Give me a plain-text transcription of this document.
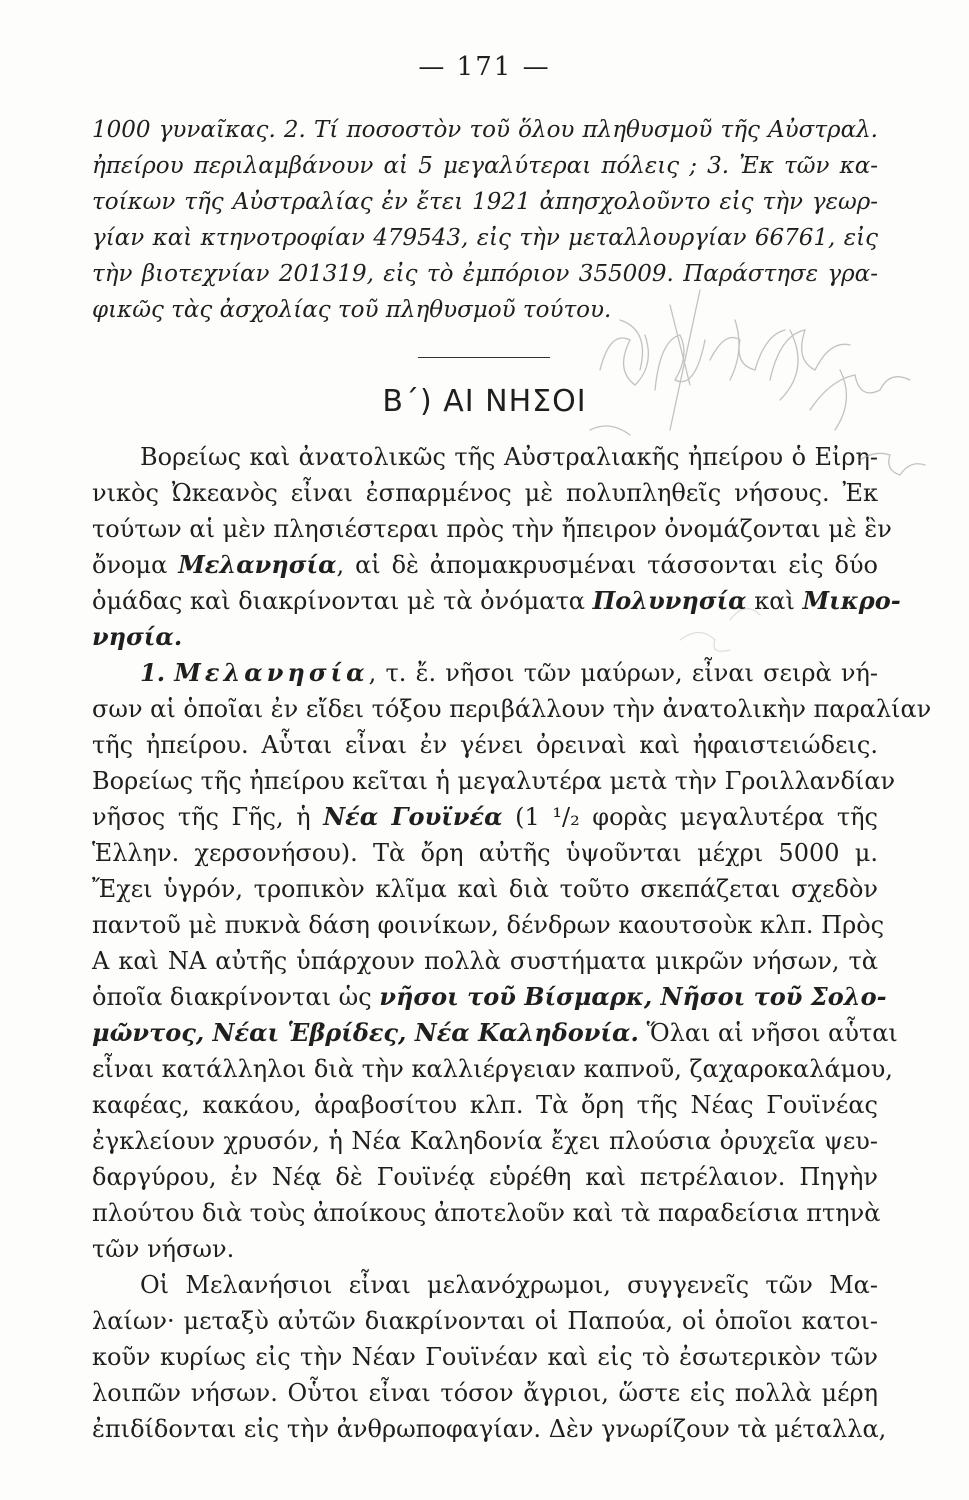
— 171 —
1000 γυναῖκας. 2. Τί ποσοστὸν τοῦ ὅλου πληθυσμοῦ τῆς Αὐστραλ.
ἠπείρου περιλαμβάνουν αἱ 5 μεγαλύτεραι πόλεις ; 3. Ἐκ τῶν κα-
τοίκων τῆς Αὐστραλίας ἐν ἔτει 1921 ἀπησχολοῦντο εἰς τὴν γεωρ-
γίαν καὶ κτηνοτροφίαν 479543, εἰς τὴν μεταλλουργίαν 66761, εἰς
τὴν βιοτεχνίαν 201319, εἰς τὸ ἐμπόριον 355009. Παράστησε γρα-
φικῶς τὰς ἀσχολίας τοῦ πληθυσμοῦ τούτου.
Β΄) ΑΙ ΝΗΣΟΙ
Βορείως καὶ ἀνατολικῶς τῆς Αὐστραλιακῆς ἠπείρου ὁ Εἰρη-
νικὸς Ὠκεανὸς εἶναι ἐσπαρμένος μὲ πολυπληθεῖς νήσους. Ἐκ
τούτων αἱ μὲν πλησιέστεραι πρὸς τὴν ἤπειρον ὀνομάζονται μὲ ἓν
ὄνομα Μελανησία, αἱ δὲ ἀπομακρυσμέναι τάσσονται εἰς δύο
ὁμάδας καὶ διακρίνονται μὲ τὰ ὀνόματα Πολυνησία καὶ Μικρο-
νησία.
1. Μελανησία, τ. ἔ. νῆσοι τῶν μαύρων, εἶναι σειρὰ νή-
σων αἱ ὁποῖαι ἐν εἴδει τόξου περιβάλλουν τὴν ἀνατολικὴν παραλίαν
τῆς ἠπείρου. Αὗται εἶναι ἐν γένει ὀρειναὶ καὶ ἠφαιστειώδεις.
Βορείως τῆς ἠπείρου κεῖται ἡ μεγαλυτέρα μετὰ τὴν Γροιλλανδίαν
νῆσος τῆς Γῆς, ἡ Νέα Γουϊνέα (1 ¹/₂ φορὰς μεγαλυτέρα τῆς
Ἑλλην. χερσονήσου). Τὰ ὄρη αὐτῆς ὑψοῦνται μέχρι 5000 μ.
Ἔχει ὑγρόν, τροπικὸν κλῖμα καὶ διὰ τοῦτο σκεπάζεται σχεδὸν
παντοῦ μὲ πυκνὰ δάση φοινίκων, δένδρων καουτσοὺκ κλπ. Πρὸς
Α καὶ ΝΑ αὐτῆς ὑπάρχουν πολλὰ συστήματα μικρῶν νήσων, τὰ
ὁποῖα διακρίνονται ὡς νῆσοι τοῦ Βίσμαρκ, Νῆσοι τοῦ Σολο-
μῶντος, Νέαι Ἑβρίδες, Νέα Καληδονία. Ὅλαι αἱ νῆσοι αὗται
εἶναι κατάλληλοι διὰ τὴν καλλιέργειαν καπνοῦ, ζαχαροκαλάμου,
καφέας, κακάου, ἀραβοσίτου κλπ. Τὰ ὄρη τῆς Νέας Γουϊνέας
ἐγκλείουν χρυσόν, ἡ Νέα Καληδονία ἔχει πλούσια ὀρυχεῖα ψευ-
δαργύρου, ἐν Νέᾳ δὲ Γουϊνέᾳ εὑρέθη καὶ πετρέλαιον. Πηγὴν
πλούτου διὰ τοὺς ἀποίκους ἀποτελοῦν καὶ τὰ παραδείσια πτηνὰ
τῶν νήσων.
Οἱ Μελανήσιοι εἶναι μελανόχρωμοι, συγγενεῖς τῶν Μα-
λαίων· μεταξὺ αὐτῶν διακρίνονται οἱ Παπούα, οἱ ὁποῖοι κατοι-
κοῦν κυρίως εἰς τὴν Νέαν Γουϊνέαν καὶ εἰς τὸ ἐσωτερικὸν τῶν
λοιπῶν νήσων. Οὗτοι εἶναι τόσον ἄγριοι, ὥστε εἰς πολλὰ μέρη
ἐπιδίδονται εἰς τὴν ἀνθρωποφαγίαν. Δὲν γνωρίζουν τὰ μέταλλα,
